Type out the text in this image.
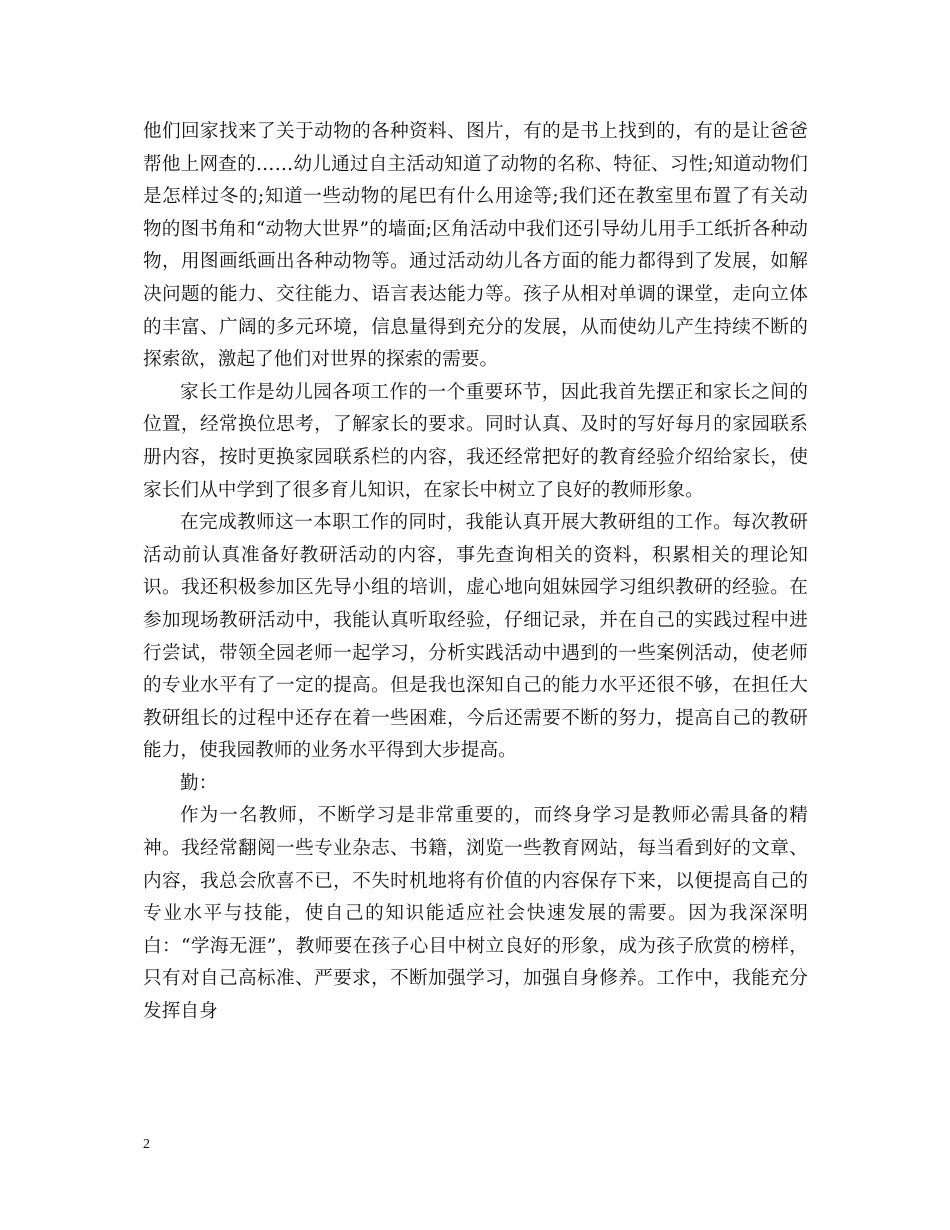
他们回家找来了关于动物的各种资料、图片，有的是书上找到的，有的是让爸爸帮他上网查的……幼儿通过自主活动知道了动物的名称、特征、习性;知道动物们是怎样过冬的;知道一些动物的尾巴有什么用途等;我们还在教室里布置了有关动物的图书角和“动物大世界”的墙面;区角活动中我们还引导幼儿用手工纸折各种动物，用图画纸画出各种动物等。通过活动幼儿各方面的能力都得到了发展，如解决问题的能力、交往能力、语言表达能力等。孩子从相对单调的课堂，走向立体的丰富、广阔的多元环境，信息量得到充分的发展，从而使幼儿产生持续不断的探索欲，激起了他们对世界的探索的需要。

家长工作是幼儿园各项工作的一个重要环节，因此我首先摆正和家长之间的位置，经常换位思考，了解家长的要求。同时认真、及时的写好每月的家园联系册内容，按时更换家园联系栏的内容，我还经常把好的教育经验介绍给家长，使家长们从中学到了很多育儿知识，在家长中树立了良好的教师形象。

在完成教师这一本职工作的同时，我能认真开展大教研组的工作。每次教研活动前认真准备好教研活动的内容，事先查询相关的资料，积累相关的理论知识。我还积极参加区先导小组的培训，虚心地向姐妹园学习组织教研的经验。在参加现场教研活动中，我能认真听取经验，仔细记录，并在自己的实践过程中进行尝试，带领全园老师一起学习，分析实践活动中遇到的一些案例活动，使老师的专业水平有了一定的提高。但是我也深知自己的能力水平还很不够，在担任大教研组长的过程中还存在着一些困难，今后还需要不断的努力，提高自己的教研能力，使我园教师的业务水平得到大步提高。

勤：

作为一名教师，不断学习是非常重要的，而终身学习是教师必需具备的精神。我经常翻阅一些专业杂志、书籍，浏览一些教育网站，每当看到好的文章、内容，我总会欣喜不已，不失时机地将有价值的内容保存下来，以便提高自己的专业水平与技能，使自己的知识能适应社会快速发展的需要。因为我深深明白：“学海无涯”，教师要在孩子心目中树立良好的形象，成为孩子欣赏的榜样，只有对自己高标准、严要求，不断加强学习，加强自身修养。工作中，我能充分发挥自身

2
